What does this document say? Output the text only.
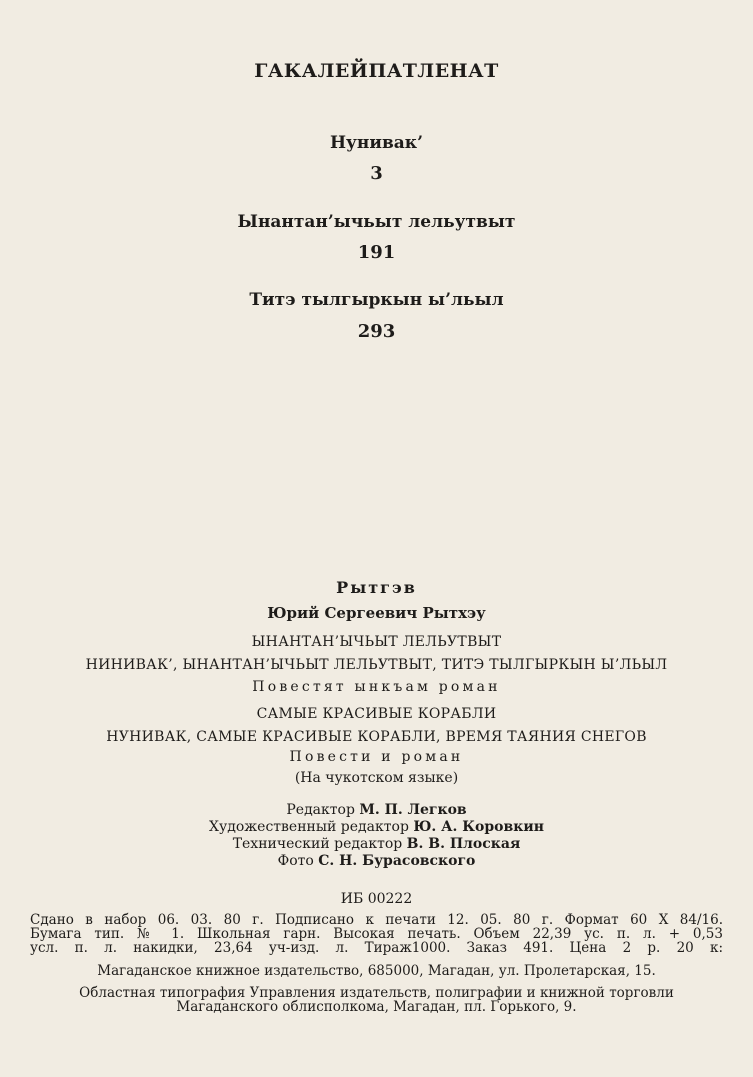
ГАКАЛЕЙПАТЛЕНАТ
Нунивак’
3
Ынантан’ычьыт лельутвыт
191
Титэ тылгыркын ы’льыл
293
Рытгэв
Юрий Сергеевич Рытхэу
ЫНАНТАН’ЫЧЬЫТ ЛЕЛЬУТВЫТ
НИНИВАК’, ЫНАНТАН’ЫЧЬЫТ ЛЕЛЬУТВЫТ, ТИТЭ ТЫЛГЫРКЫН Ы’ЛЬЫЛ
Повестят ынкъам роман
САМЫЕ КРАСИВЫЕ КОРАБЛИ
НУНИВАК, САМЫЕ КРАСИВЫЕ КОРАБЛИ, ВРЕМЯ ТАЯНИЯ СНЕГОВ
Повести и роман
(На чукотском языке)
Редактор М. П. Легков
Художественный редактор Ю. А. Коровкин
Технический редактор В. В. Плоская
Фото С. Н. Бурасовского
ИБ 00222
Сдано в набор 06. 03. 80 г. Подписано к печати 12. 05. 80 г. Формат 60 X 84/16.
Бумага тип. № 1. Школьная гарн. Высокая печать. Объем 22,39 ус. п. л. + 0,53
усл. п. л. накидки, 23,64 уч-изд. л. Тираж1000. Заказ 491. Цена 2 р. 20 к:
Магаданское книжное издательство, 685000, Магадан, ул. Пролетарская, 15.
Областная типография Управления издательств, полиграфии и книжной торговли
Магаданского облисполкома, Магадан, пл. Горького, 9.
